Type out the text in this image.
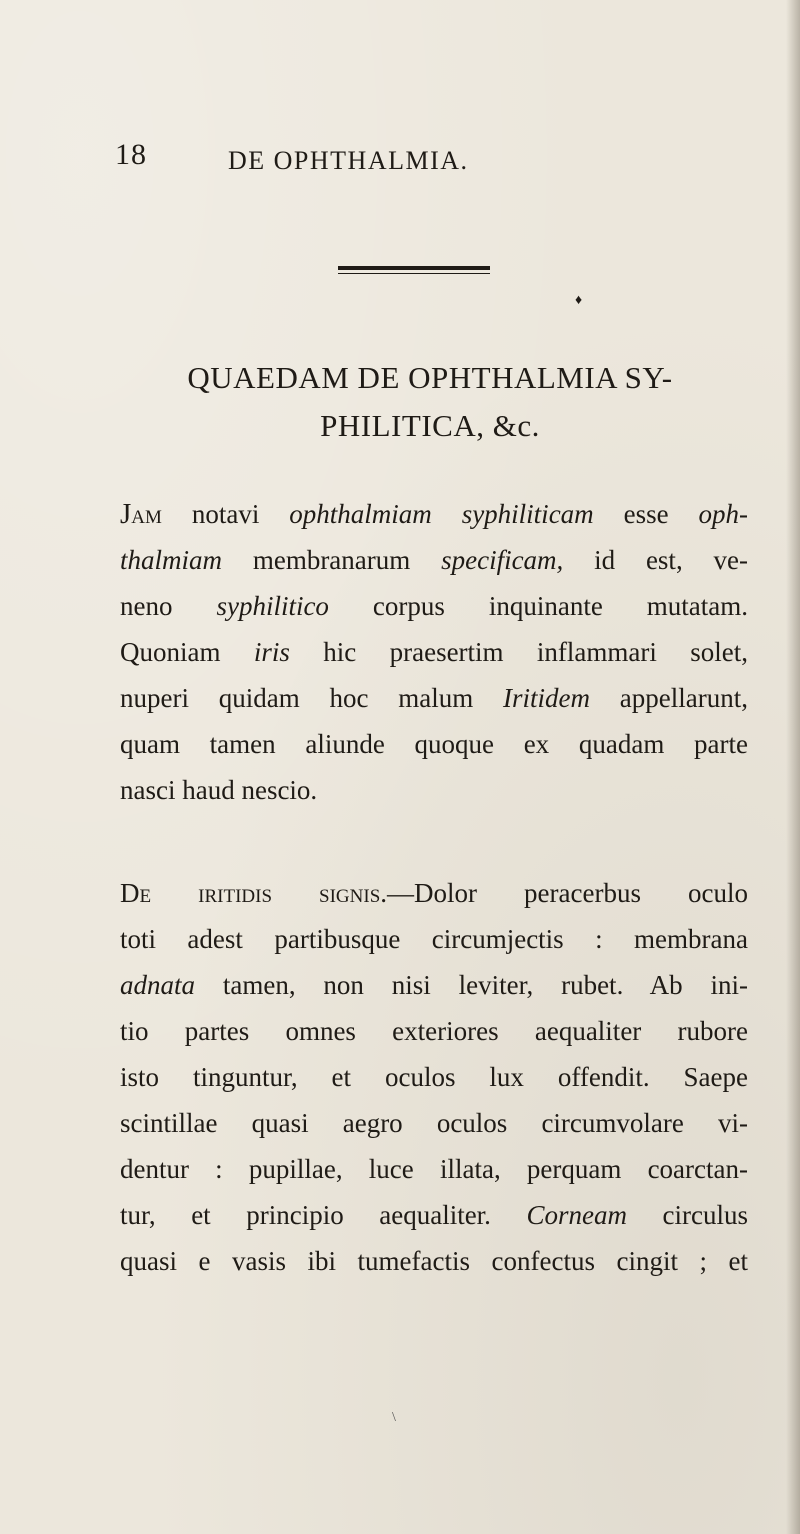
18	DE OPHTHALMIA.
♦
QUAEDAM DE OPHTHALMIA SY-
PHILITICA, &c.
Jam notavi ophthalmiam syphiliticam esse oph-
thalmiam membranarum specificam, id est, ve-
neno syphilitico corpus inquinante mutatam.
Quoniam iris hic praesertim inflammari solet,
nuperi quidam hoc malum Iritidem appellarunt,
quam tamen aliunde quoque ex quadam parte
nasci haud nescio.
De iritidis signis.—Dolor peracerbus oculo
toti adest partibusque circumjectis : membrana
adnata tamen, non nisi leviter, rubet. Ab ini-
tio partes omnes exteriores aequaliter rubore
isto tinguntur, et oculos lux offendit. Saepe
scintillae quasi aegro oculos circumvolare vi-
dentur : pupillae, luce illata, perquam coarctan-
tur, et principio aequaliter. Corneam circulus
quasi e vasis ibi tumefactis confectus cingit ; et
\
